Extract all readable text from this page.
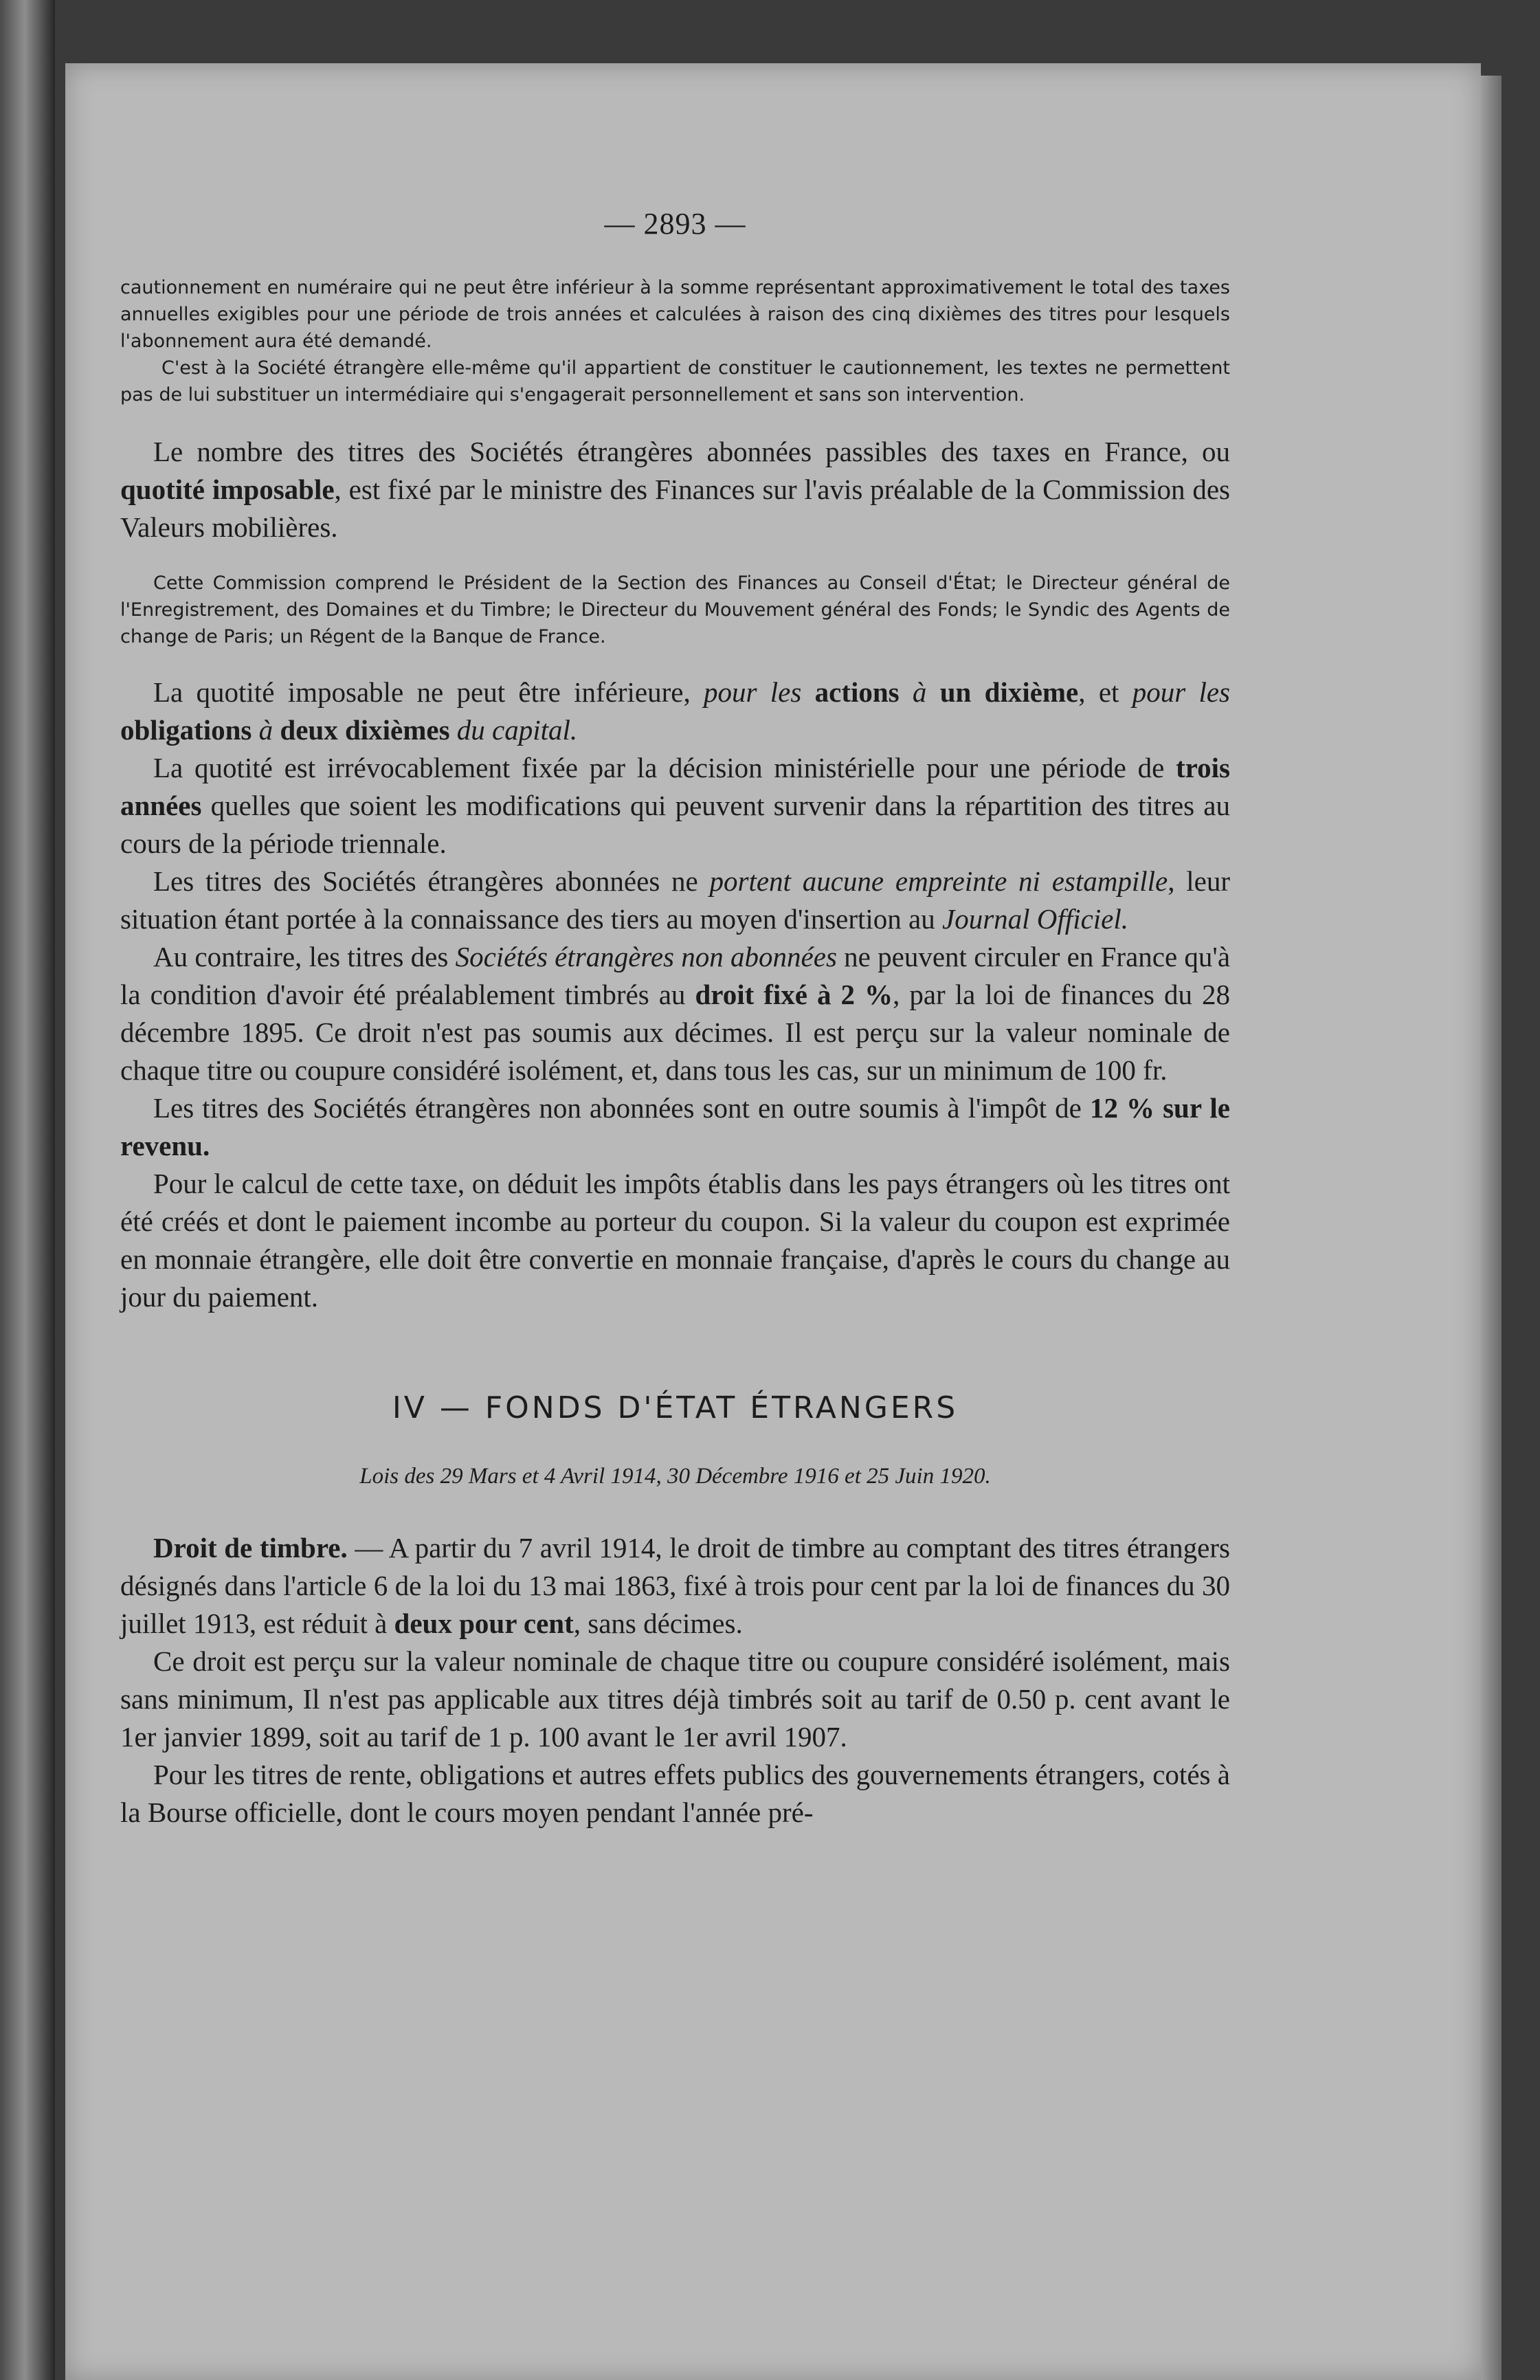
— 2893 —

cautionnement en numéraire qui ne peut être inférieur à la somme représentant approximativement le total des taxes annuelles exigibles pour une période de trois années et calculées à raison des cinq dixièmes des titres pour lesquels l'abonnement aura été demandé.

C'est à la Société étrangère elle-même qu'il appartient de constituer le cautionnement, les textes ne permettent pas de lui substituer un intermédiaire qui s'engagerait personnellement et sans son intervention.

Le nombre des titres des Sociétés étrangères abonnées passibles des taxes en France, ou quotité imposable, est fixé par le ministre des Finances sur l'avis préalable de la Commission des Valeurs mobilières.

Cette Commission comprend le Président de la Section des Finances au Conseil d'État; le Directeur général de l'Enregistrement, des Domaines et du Timbre; le Directeur du Mouvement général des Fonds; le Syndic des Agents de change de Paris; un Régent de la Banque de France.

La quotité imposable ne peut être inférieure, pour les actions à un dixième, et pour les obligations à deux dixièmes du capital.

La quotité est irrévocablement fixée par la décision ministérielle pour une période de trois années quelles que soient les modifications qui peuvent survenir dans la répartition des titres au cours de la période triennale.

Les titres des Sociétés étrangères abonnées ne portent aucune empreinte ni estampille, leur situation étant portée à la connaissance des tiers au moyen d'insertion au Journal Officiel.

Au contraire, les titres des Sociétés étrangères non abonnées ne peuvent circuler en France qu'à la condition d'avoir été préalablement timbrés au droit fixé à 2 %, par la loi de finances du 28 décembre 1895. Ce droit n'est pas soumis aux décimes. Il est perçu sur la valeur nominale de chaque titre ou coupure considéré isolément, et, dans tous les cas, sur un minimum de 100 fr.

Les titres des Sociétés étrangères non abonnées sont en outre soumis à l'impôt de 12 % sur le revenu.

Pour le calcul de cette taxe, on déduit les impôts établis dans les pays étrangers où les titres ont été créés et dont le paiement incombe au porteur du coupon. Si la valeur du coupon est exprimée en monnaie étrangère, elle doit être convertie en monnaie française, d'après le cours du change au jour du paiement.

IV — FONDS D'ÉTAT ÉTRANGERS
Lois des 29 Mars et 4 Avril 1914, 30 Décembre 1916 et 25 Juin 1920.

Droit de timbre. — A partir du 7 avril 1914, le droit de timbre au comptant des titres étrangers désignés dans l'article 6 de la loi du 13 mai 1863, fixé à trois pour cent par la loi de finances du 30 juillet 1913, est réduit à deux pour cent, sans décimes.

Ce droit est perçu sur la valeur nominale de chaque titre ou coupure considéré isolément, mais sans minimum, Il n'est pas applicable aux titres déjà timbrés soit au tarif de 0.50 p. cent avant le 1er janvier 1899, soit au tarif de 1 p. 100 avant le 1er avril 1907.

Pour les titres de rente, obligations et autres effets publics des gouvernements étrangers, cotés à la Bourse officielle, dont le cours moyen pendant l'année pré-
